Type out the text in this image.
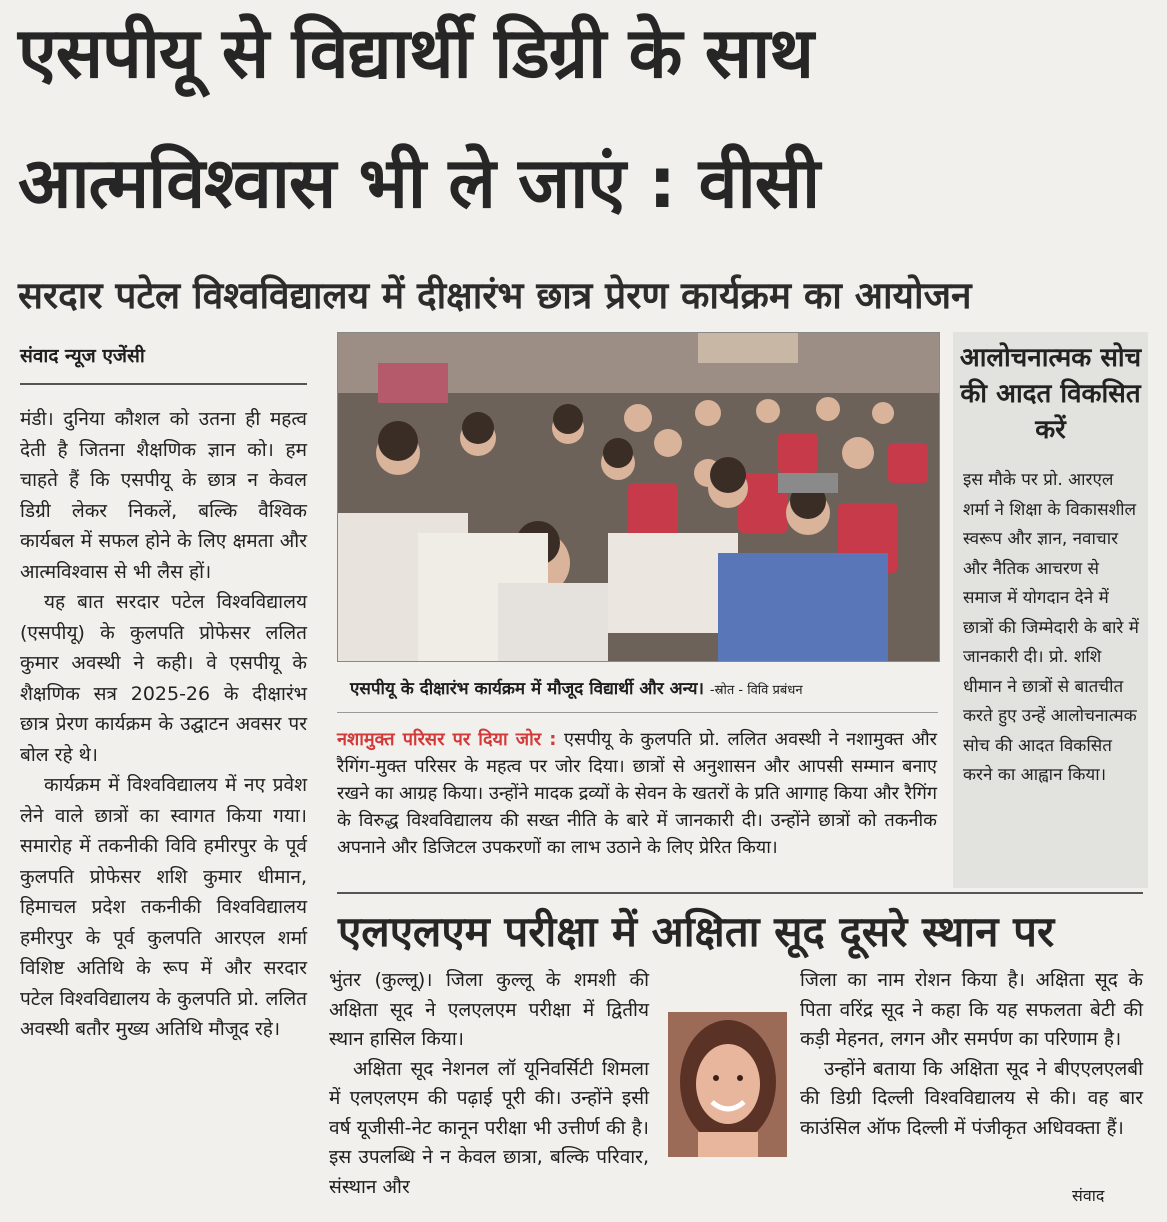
एसपीयू से विद्यार्थी डिग्री के साथ
आत्मविश्वास भी ले जाएं : वीसी
सरदार पटेल विश्वविद्यालय में दीक्षारंभ छात्र प्रेरण कार्यक्रम का आयोजन
संवाद न्यूज एजेंसी

मंडी। दुनिया कौशल को उतना ही महत्व देती है जितना शैक्षणिक ज्ञान को। हम चाहते हैं कि एसपीयू के छात्र न केवल डिग्री लेकर निकलें, बल्कि वैश्विक कार्यबल में सफल होने के लिए क्षमता और आत्मविश्वास से भी लैस हों।

यह बात सरदार पटेल विश्वविद्यालय (एसपीयू) के कुलपति प्रोफेसर ललित कुमार अवस्थी ने कही। वे एसपीयू के शैक्षणिक सत्र 2025-26 के दीक्षारंभ छात्र प्रेरण कार्यक्रम के उद्घाटन अवसर पर बोल रहे थे।

कार्यक्रम में विश्वविद्यालय में नए प्रवेश लेने वाले छात्रों का स्वागत किया गया। समारोह में तकनीकी विवि हमीरपुर के पूर्व कुलपति प्रोफेसर शशि कुमार धीमान, हिमाचल प्रदेश तकनीकी विश्वविद्यालय हमीरपुर के पूर्व कुलपति आरएल शर्मा विशिष्ट अतिथि के रूप में और सरदार पटेल विश्वविद्यालय के कुलपति प्रो. ललित अवस्थी बतौर मुख्य अतिथि मौजूद रहे।

एसपीयू के दीक्षारंभ कार्यक्रम में मौजूद विद्यार्थी और अन्य। -स्रोत - विवि प्रबंधन
आलोचनात्मक सोच की आदत विकसित करें
इस मौके पर प्रो. आरएल शर्मा ने शिक्षा के विकासशील स्वरूप और ज्ञान, नवाचार और नैतिक आचरण से समाज में योगदान देने में छात्रों की जिम्मेदारी के बारे में जानकारी दी। प्रो. शशि धीमान ने छात्रों से बातचीत करते हुए उन्हें आलोचनात्मक सोच की आदत विकसित करने का आह्वान किया।
नशामुक्त परिसर पर दिया जोर : एसपीयू के कुलपति प्रो. ललित अवस्थी ने नशामुक्त और रैगिंग-मुक्त परिसर के महत्व पर जोर दिया। छात्रों से अनुशासन और आपसी सम्मान बनाए रखने का आग्रह किया। उन्होंने मादक द्रव्यों के सेवन के खतरों के प्रति आगाह किया और रैगिंग के विरुद्ध विश्वविद्यालय की सख्त नीति के बारे में जानकारी दी। उन्होंने छात्रों को तकनीक अपनाने और डिजिटल उपकरणों का लाभ उठाने के लिए प्रेरित किया।
एलएलएम परीक्षा में अक्षिता सूद दूसरे स्थान पर

भुंतर (कुल्लू)। जिला कुल्लू के शमशी की अक्षिता सूद ने एलएलएम परीक्षा में द्वितीय स्थान हासिल किया।

अक्षिता सूद नेशनल लॉ यूनिवर्सिटी शिमला में एलएलएम की पढ़ाई पूरी की। उन्होंने इसी वर्ष यूजीसी-नेट कानून परीक्षा भी उत्तीर्ण की है। इस उपलब्धि ने न केवल छात्रा, बल्कि परिवार, संस्थान और

जिला का नाम रोशन किया है। अक्षिता सूद के पिता वरिंद्र सूद ने कहा कि यह सफलता बेटी की कड़ी मेहनत, लगन और समर्पण का परिणाम है।

उन्होंने बताया कि अक्षिता सूद ने बीएएलएलबी की डिग्री दिल्ली विश्वविद्यालय से की। वह बार काउंसिल ऑफ दिल्ली में पंजीकृत अधिवक्ता हैं।

संवाद
